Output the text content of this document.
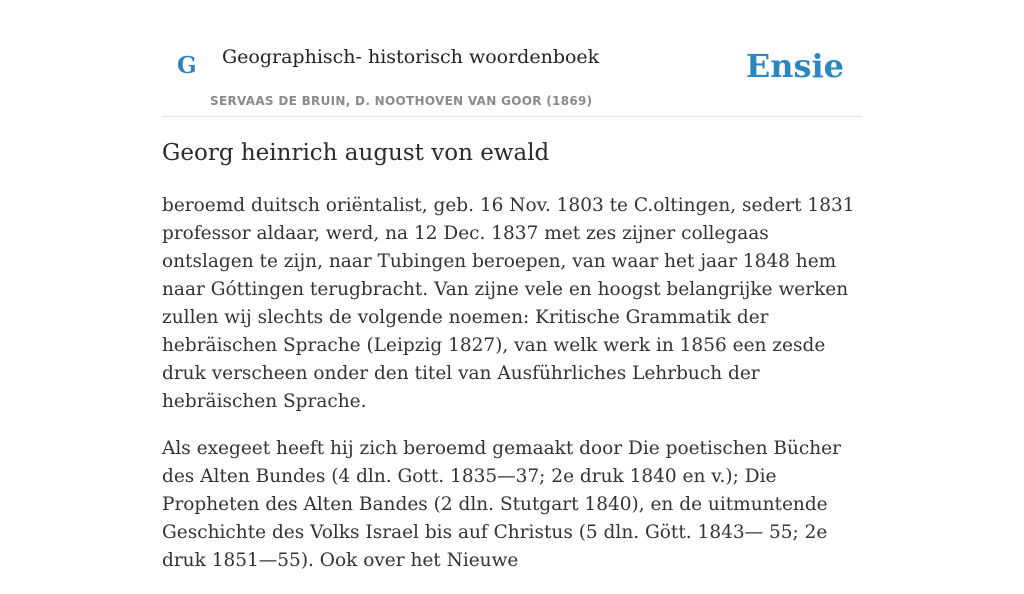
G Geographisch- historisch woordenboek
SERVAAS DE BRUIN, D. NOOTHOVEN VAN GOOR (1869)
Ensie
Georg heinrich august von ewald

beroemd duitsch oriëntalist, geb. 16 Nov. 1803 te C.oltingen, sedert 1831 professor aldaar, werd, na 12 Dec. 1837 met zes zijner collegaas ontslagen te zijn, naar Tubingen beroepen, van waar het jaar 1848 hem naar Góttingen terugbracht. Van zijne vele en hoogst belangrijke werken zullen wij slechts de volgende noemen: Kritische Grammatik der hebräischen Sprache (Leipzig 1827), van welk werk in 1856 een zesde druk verscheen onder den titel van Ausführliches Lehrbuch der hebräischen Sprache.

Als exegeet heeft hij zich beroemd gemaakt door Die poetischen Bücher des Alten Bundes (4 dln. Gott. 1835—37; 2e druk 1840 en v.); Die Propheten des Alten Bandes (2 dln. Stutgart 1840), en de uitmuntende Geschichte des Volks Israel bis auf Christus (5 dln. Gött. 1843— 55; 2e druk 1851—55). Ook over het Nieuwe
